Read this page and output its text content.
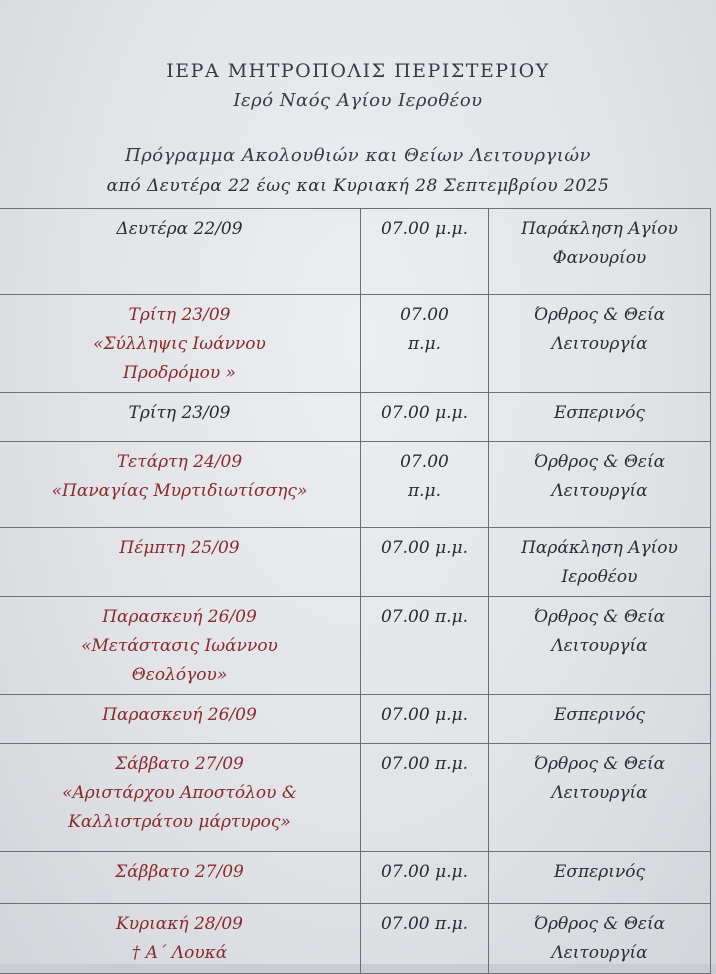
ΙΕΡΑ ΜΗΤΡΟΠΟΛΙΣ ΠΕΡΙΣΤΕΡΙΟΥ
Ιερό Ναός Αγίου Ιεροθέου
Πρόγραμμα Ακολουθιών και Θείων Λειτουργιών
από Δευτέρα 22 έως και Κυριακή 28 Σεπτεμβρίου 2025
Δευτέρα 22/09	07.00 μ.μ.	Παράκληση Αγίου
Φανουρίου

Τρίτη 23/09
«Σύλληψις Ιωάννου
Προδρόμου »	07.00
π.μ.	Όρθρος & Θεία
Λειτουργία

Τρίτη 23/09	07.00 μ.μ.	Εσπερινός

Τετάρτη 24/09
«Παναγίας Μυρτιδιωτίσσης»	07.00
π.μ.	Όρθρος & Θεία
Λειτουργία

Πέμπτη 25/09	07.00 μ.μ.	Παράκληση Αγίου
Ιεροθέου

Παρασκευή 26/09
«Μετάστασις Ιωάννου
Θεολόγου»	07.00 π.μ.	Όρθρος & Θεία
Λειτουργία

Παρασκευή 26/09	07.00 μ.μ.	Εσπερινός

Σάββατο 27/09
«Αριστάρχου Αποστόλου &
Καλλιστράτου μάρτυρος»	07.00 π.μ.	Όρθρος & Θεία
Λειτουργία

Σάββατο 27/09	07.00 μ.μ.	Εσπερινός

Κυριακή 28/09
† Α΄ Λουκά	07.00 π.μ.	Όρθρος & Θεία
Λειτουργία
